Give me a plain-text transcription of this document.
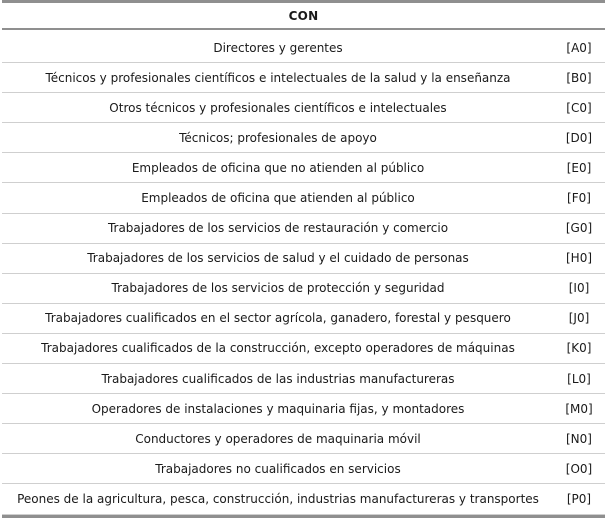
CON
Directores y gerentes	[A0]
Técnicos y profesionales científicos e intelectuales de la salud y la enseñanza	[B0]
Otros técnicos y profesionales científicos e intelectuales	[C0]
Técnicos; profesionales de apoyo	[D0]
Empleados de oficina que no atienden al público	[E0]
Empleados de oficina que atienden al público	[F0]
Trabajadores de los servicios de restauración y comercio	[G0]
Trabajadores de los servicios de salud y el cuidado de personas	[H0]
Trabajadores de los servicios de protección y seguridad	[I0]
Trabajadores cualificados en el sector agrícola, ganadero, forestal y pesquero	[J0]
Trabajadores cualificados de la construcción, excepto operadores de máquinas	[K0]
Trabajadores cualificados de las industrias manufactureras	[L0]
Operadores de instalaciones y maquinaria fijas, y montadores	[M0]
Conductores y operadores de maquinaria móvil	[N0]
Trabajadores no cualificados en servicios	[O0]
Peones de la agricultura, pesca, construcción, industrias manufactureras y transportes	[P0]
